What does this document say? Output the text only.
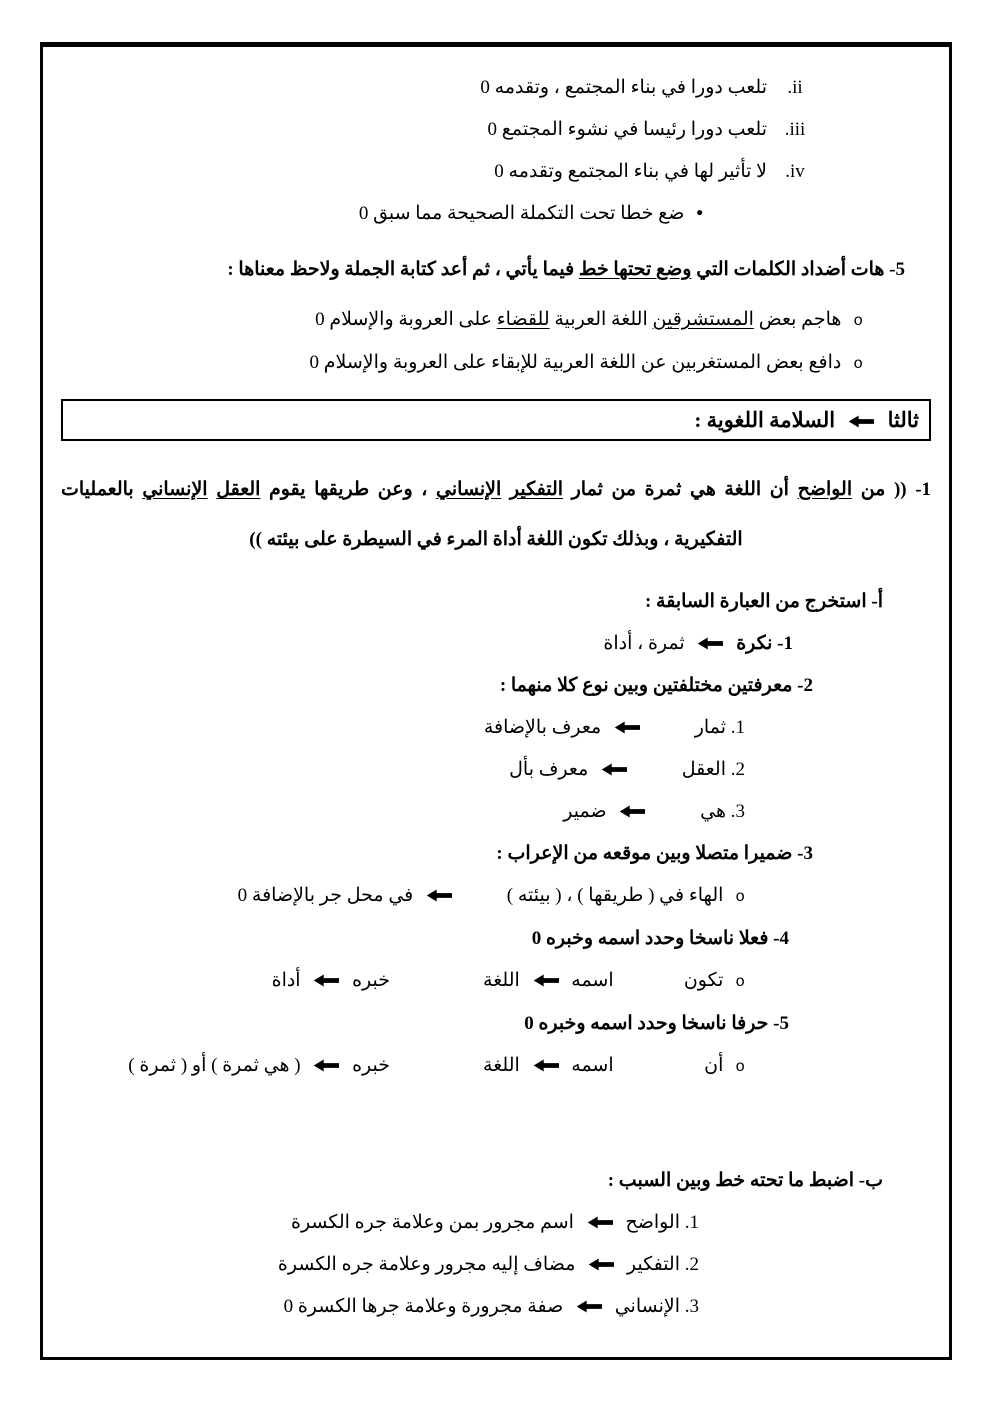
ii.تلعب دورا في بناء المجتمع ، وتقدمه 0
iii.تلعب دورا رئيسا في نشوء المجتمع 0
iv.لا تأثير لها في بناء المجتمع وتقدمه 0
•ضع خطا تحت التكملة الصحيحة مما سبق 0
5- هات أضداد الكلمات التي وضع تحتها خط فيما يأتي ، ثم أعد كتابة الجملة ولاحظ معناها :
oهاجم بعض المستشرقين اللغة العربية للقضاء على العروبة والإسلام 0
oدافع بعض المستغربين عن اللغة العربية للإبقاء على العروبة والإسلام 0
ثالثا  السلامة اللغوية :
1- (( من الواضح أن اللغة هي ثمرة من ثمار التفكير الإنساني ، وعن طريقها يقوم العقل الإنساني بالعمليات التفكيرية ، وبذلك تكون اللغة أداة المرء في السيطرة على بيئته ))
أ- استخرج من العبارة السابقة :
1- نكرة  ثمرة ، أداة
2- معرفتين مختلفتين وبين نوع كلا منهما :
1. ثمار  معرف بالإضافة
2. العقل  معرف بأل
3. هي  ضمير
3- ضميرا متصلا وبين موقعه من الإعراب :
oالهاء في ( طريقها ) ، ( بيئته )  في محل جر بالإضافة 0
4- فعلا ناسخا وحدد اسمه وخبره 0
oتكون اسمه  اللغة خبره  أداة
5- حرفا ناسخا وحدد اسمه وخبره 0
oأن اسمه  اللغة خبره  ( هي ثمرة ) أو ( ثمرة )
ب- اضبط ما تحته خط وبين السبب :
1. الواضح  اسم مجرور بمن وعلامة جره الكسرة
2. التفكير  مضاف إليه مجرور وعلامة جره الكسرة
3. الإنساني  صفة مجرورة وعلامة جرها الكسرة 0
